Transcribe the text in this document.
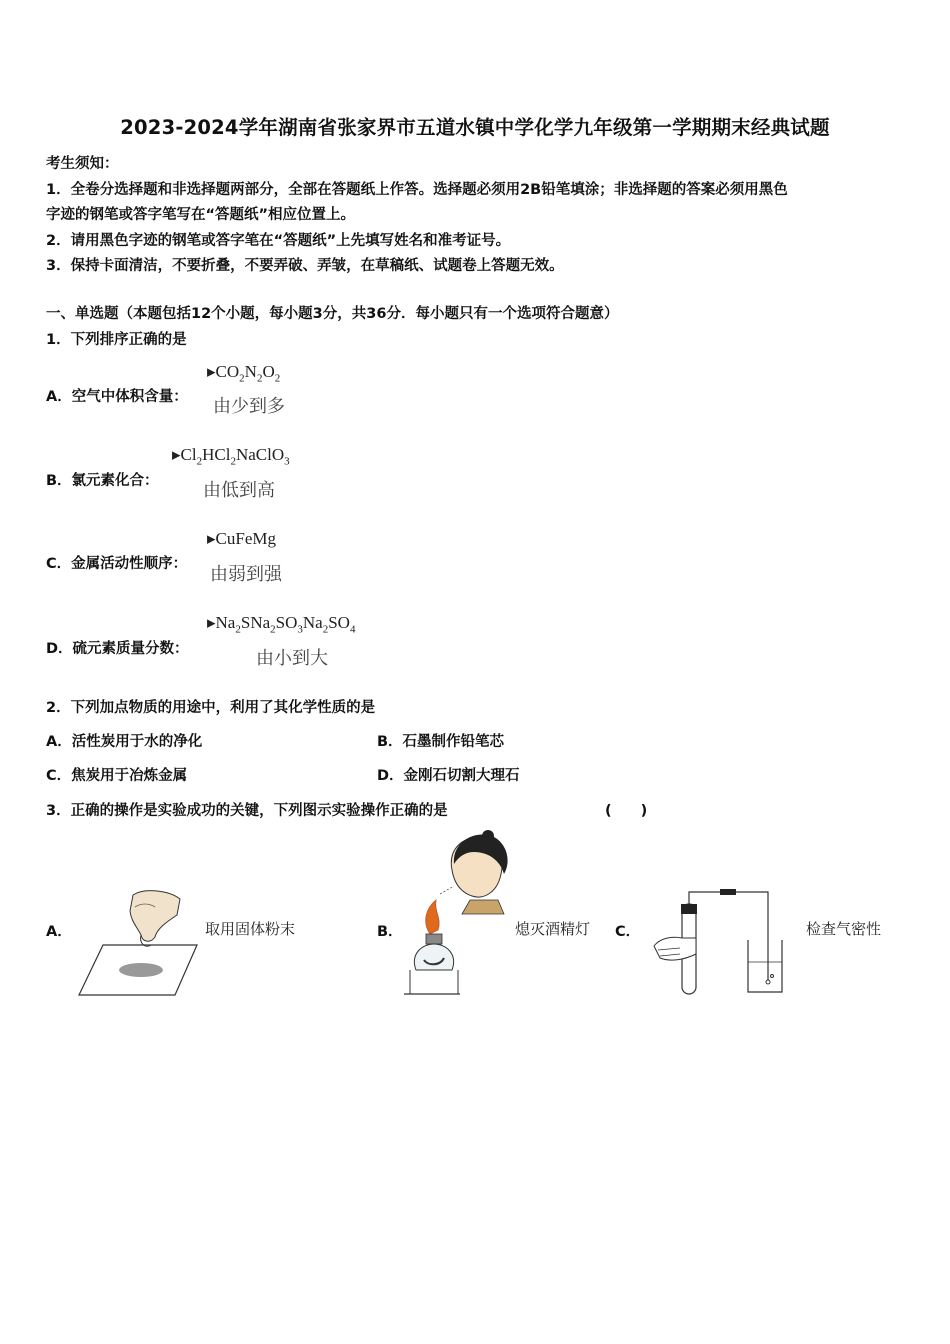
2023-2024学年湖南省张家界市五道水镇中学化学九年级第一学期期末经典试题
考生须知：
1．全卷分选择题和非选择题两部分，全部在答题纸上作答。选择题必须用2B铅笔填涂；非选择题的答案必须用黑色
字迹的钢笔或答字笔写在“答题纸”相应位置上。
2．请用黑色字迹的钢笔或答字笔在“答题纸”上先填写姓名和准考证号。
3．保持卡面清洁，不要折叠，不要弄破、弄皱，在草稿纸、试题卷上答题无效。
一、单选题（本题包括12个小题，每小题3分，共36分．每小题只有一个选项符合题意）
1．下列排序正确的是
$▸CO_2N_2O_2$
A．空气中体积含量： 由少到多
$▸Cl_2HCl_2NaClO_3$
B．氯元素化合： 由低到高
▸CuFeMg
C．金属活动性顺序： 由弱到强
$▸Na_2SNa_2SO_3Na_2SO_4$
D．硫元素质量分数：	由小到大
2．下列加点物质的用途中，利用了其化学性质的是
A．活性炭用于水的净化	B．石墨制作铅笔芯
C．焦炭用于冶炼金属	D．金刚石切割大理石
3．正确的操作是实验成功的关键，下列图示实验操作正确的是	(　　)
A．	取用固体粉末	B．	熄灭酒精灯 C．	检查气密性
